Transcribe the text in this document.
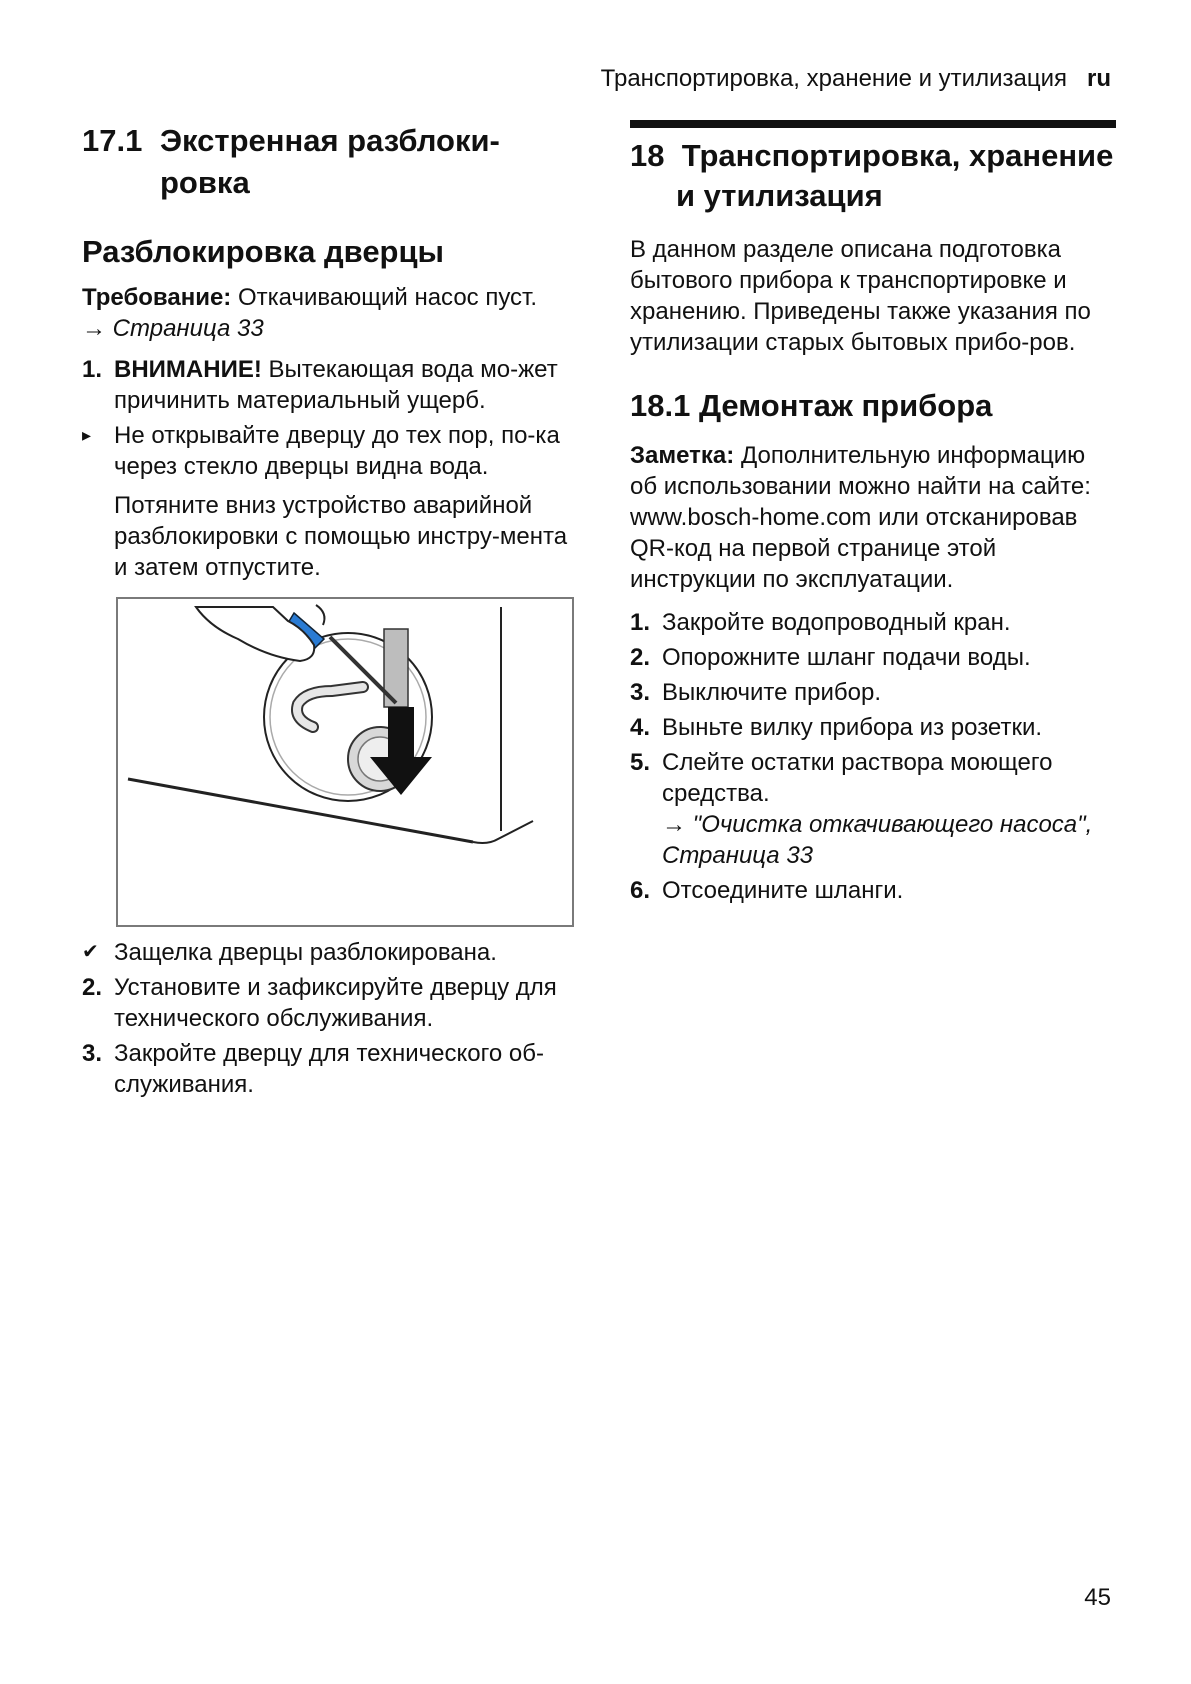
Транспортировка, хранение и утилизация ru
17.1 Экстренная разблоки-
ровка
Разблокировка дверцы

Требование: Откачивающий насос пуст.

→ Страница 33

1. ВНИМАНИЕ! Вытекающая вода мо-жет причинить материальный ущерб.
▸ Не открывайте дверцу до тех пор, по-ка через стекло дверцы видна вода.
Потяните вниз устройство аварийной разблокировки с помощью инстру-мента и затем отпустите.
✔ Защелка дверцы разблокирована.
2. Установите и зафиксируйте дверцу для технического обслуживания.
3. Закройте дверцу для технического об-служивания.
18 Транспортировка, хранение
и утилизация

В данном разделе описана подготовка бытового прибора к транспортировке и хранению. Приведены также указания по утилизации старых бытовых прибо-ров.

18.1 Демонтаж прибора

Заметка: Дополнительную информацию об использовании можно найти на сайте: www.bosch-home.com или отсканировав QR-код на первой странице этой инструкции по эксплуатации.

1. Закройте водопроводный кран.
2. Опорожните шланг подачи воды.
3. Выключите прибор.
4. Выньте вилку прибора из розетки.
5. Слейте остатки раствора моющего средства.
→ "Очистка откачивающего насоса", Страница 33
6. Отсоедините шланги.
45
